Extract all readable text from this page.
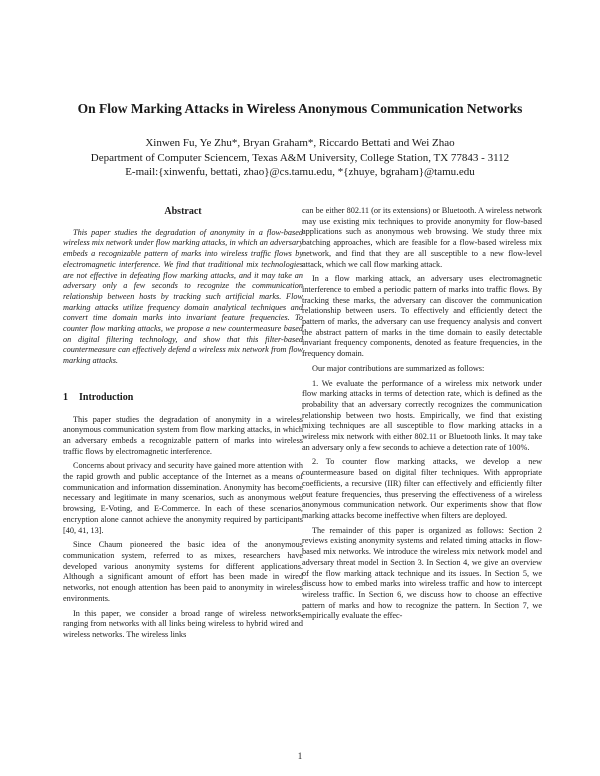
On Flow Marking Attacks in Wireless Anonymous Communication Networks
Xinwen Fu, Ye Zhu*, Bryan Graham*, Riccardo Bettati and Wei Zhao
Department of Computer Sciencem, Texas A&M University, College Station, TX 77843 - 3112
E-mail:{xinwenfu, bettati, zhao}@cs.tamu.edu, *{zhuye, bgraham}@tamu.edu
Abstract

This paper studies the degradation of anonymity in a flow-based wireless mix network under flow marking attacks, in which an adversary embeds a recognizable pattern of marks into wireless traffic flows by electromagnetic interference. We find that traditional mix technologies are not effective in defeating flow marking attacks, and it may take an adversary only a few seconds to recognize the communication relationship between hosts by tracking such artificial marks. Flow marking attacks utilize frequency domain analytical techniques and convert time domain marks into invariant feature frequencies. To counter flow marking attacks, we propose a new countermeasure based on digital filtering technology, and show that this filter-based countermeasure can effectively defend a wireless mix network from flow marking attacks.

1 Introduction

This paper studies the degradation of anonymity in a wireless anonymous communication system from flow marking attacks, in which an adversary embeds a recognizable pattern of marks into wireless traffic flows by electromagnetic interference.

Concerns about privacy and security have gained more attention with the rapid growth and public acceptance of the Internet as a means of communication and information dissemination. Anonymity has become necessary and legitimate in many scenarios, such as anonymous web browsing, E-Voting, and E-Commerce. In each of these scenarios, encryption alone cannot achieve the anonymity required by participants [40, 41, 13].

Since Chaum pioneered the basic idea of the anonymous communication system, referred to as mixes, researchers have developed various anonymity systems for different applications. Although a significant amount of effort has been made in wired networks, not enough attention has been paid to anonymity in wireless environments.

In this paper, we consider a broad range of wireless networks, ranging from networks with all links being wireless to hybrid wired and wireless networks. The wireless links

can be either 802.11 (or its extensions) or Bluetooth. A wireless network may use existing mix techniques to provide anonymity for flow-based applications such as anonymous web browsing. We study three mix batching approaches, which are feasible for a flow-based wireless mix network, and find that they are all susceptible to a new flow-level attack, which we call flow marking attack.

In a flow marking attack, an adversary uses electromagnetic interference to embed a periodic pattern of marks into traffic flows. By tracking these marks, the adversary can discover the communication relationship between users. To effectively and efficiently detect the pattern of marks, the adversary can use frequency analysis and convert the abstract pattern of marks in the time domain to easily detectable invariant frequency components, denoted as feature frequencies, in the frequency domain.

Our major contributions are summarized as follows:

1. We evaluate the performance of a wireless mix network under flow marking attacks in terms of detection rate, which is defined as the probability that an adversary correctly recognizes the communication relationship between two hosts. Empirically, we find that existing mixing techniques are all susceptible to flow marking attacks in a wireless mix network with either 802.11 or Bluetooth links. It may take an adversary only a few seconds to achieve a detection rate of 100%.

2. To counter flow marking attacks, we develop a new countermeasure based on digital filter techniques. With appropriate coefficients, a recursive (IIR) filter can effectively and efficiently filter out feature frequencies, thus preserving the effectiveness of a wireless anonymous communication network. Our experiments show that flow marking attacks become ineffective when filters are deployed.

The remainder of this paper is organized as follows: Section 2 reviews existing anonymity systems and related timing attacks in flow-based mix networks. We introduce the wireless mix network model and adversary threat model in Section 3. In Section 4, we give an overview of the flow marking attack technique and its issues. In Section 5, we discuss how to embed marks into wireless traffic and how to intercept wireless traffic. In Section 6, we discuss how to choose an effective pattern of marks and how to recognize the pattern. In Section 7, we empirically evaluate the effec-

1
